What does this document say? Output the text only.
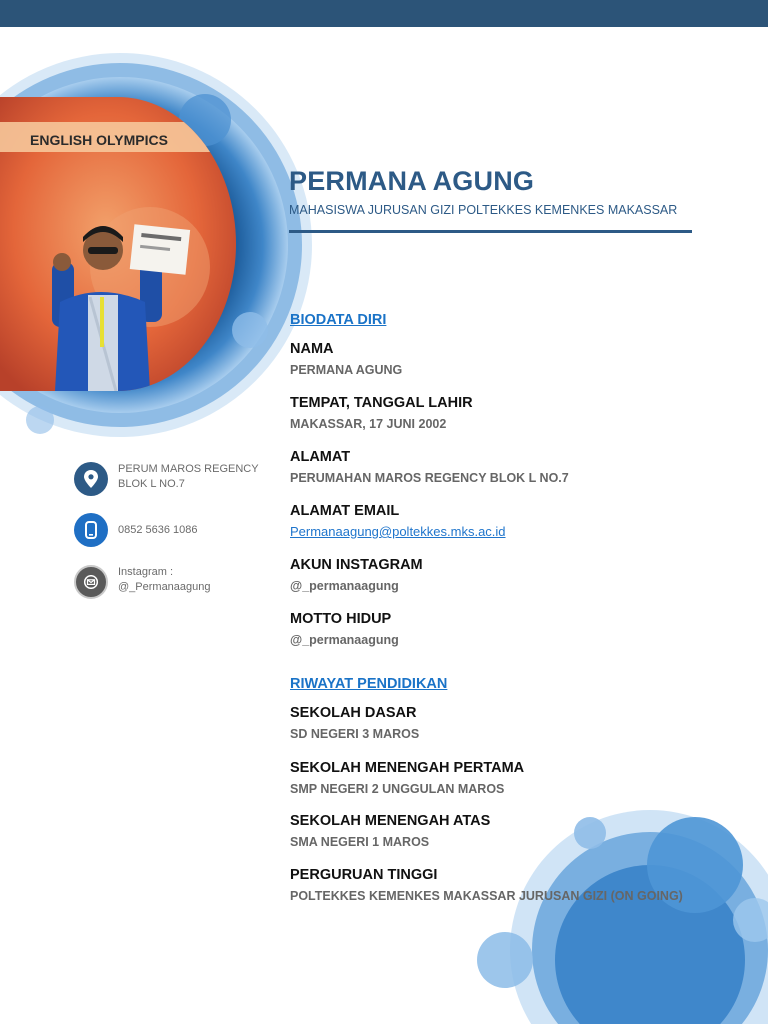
ENGLISH OLYMPICS
PERMANA AGUNG
MAHASISWA JURUSAN GIZI POLTEKKES KEMENKES MAKASSAR
PERUM MAROS REGENCY BLOK L NO.7
0852 5636 1086
Instagram : @_Permanaagung
BIODATA DIRI
NAMA
PERMANA AGUNG
TEMPAT, TANGGAL LAHIR
MAKASSAR, 17 JUNI 2002
ALAMAT
PERUMAHAN MAROS REGENCY BLOK L NO.7
ALAMAT EMAIL
Permanaagung@poltekkes.mks.ac.id
AKUN INSTAGRAM
@_permanaagung
MOTTO HIDUP
@_permanaagung
RIWAYAT PENDIDIKAN
SEKOLAH DASAR
SD NEGERI 3 MAROS
SEKOLAH MENENGAH PERTAMA
SMP NEGERI 2 UNGGULAN MAROS
SEKOLAH MENENGAH ATAS
SMA NEGERI 1 MAROS
PERGURUAN TINGGI
POLTEKKES KEMENKES MAKASSAR JURUSAN GIZI (ON GOING)
